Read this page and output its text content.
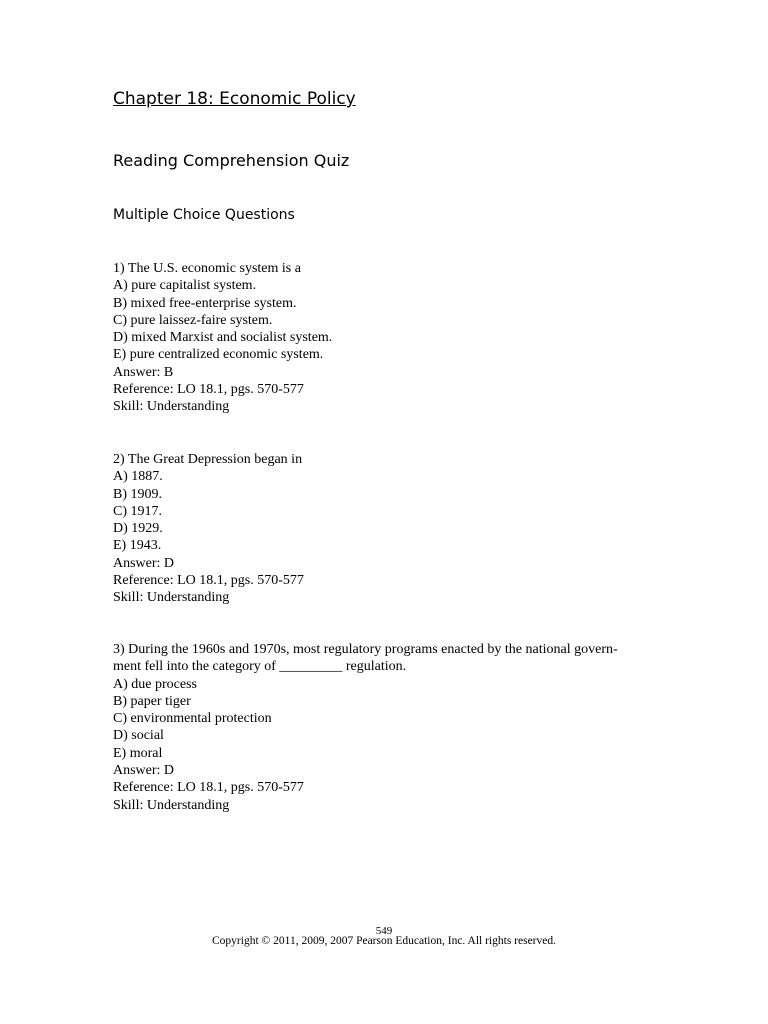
Chapter 18: Economic Policy
Reading Comprehension Quiz
Multiple Choice Questions
1) The U.S. economic system is a
A) pure capitalist system.
B) mixed free-enterprise system.
C) pure laissez-faire system.
D) mixed Marxist and socialist system.
E) pure centralized economic system.
Answer: B
Reference: LO 18.1, pgs. 570-577
Skill: Understanding
2) The Great Depression began in
A) 1887.
B) 1909.
C) 1917.
D) 1929.
E) 1943.
Answer: D
Reference: LO 18.1, pgs. 570-577
Skill: Understanding
3) During the 1960s and 1970s, most regulatory programs enacted by the national govern-
ment fell into the category of _________ regulation.
A) due process
B) paper tiger
C) environmental protection
D) social
E) moral
Answer: D
Reference: LO 18.1, pgs. 570-577
Skill: Understanding
549
Copyright © 2011, 2009, 2007 Pearson Education, Inc. All rights reserved.
